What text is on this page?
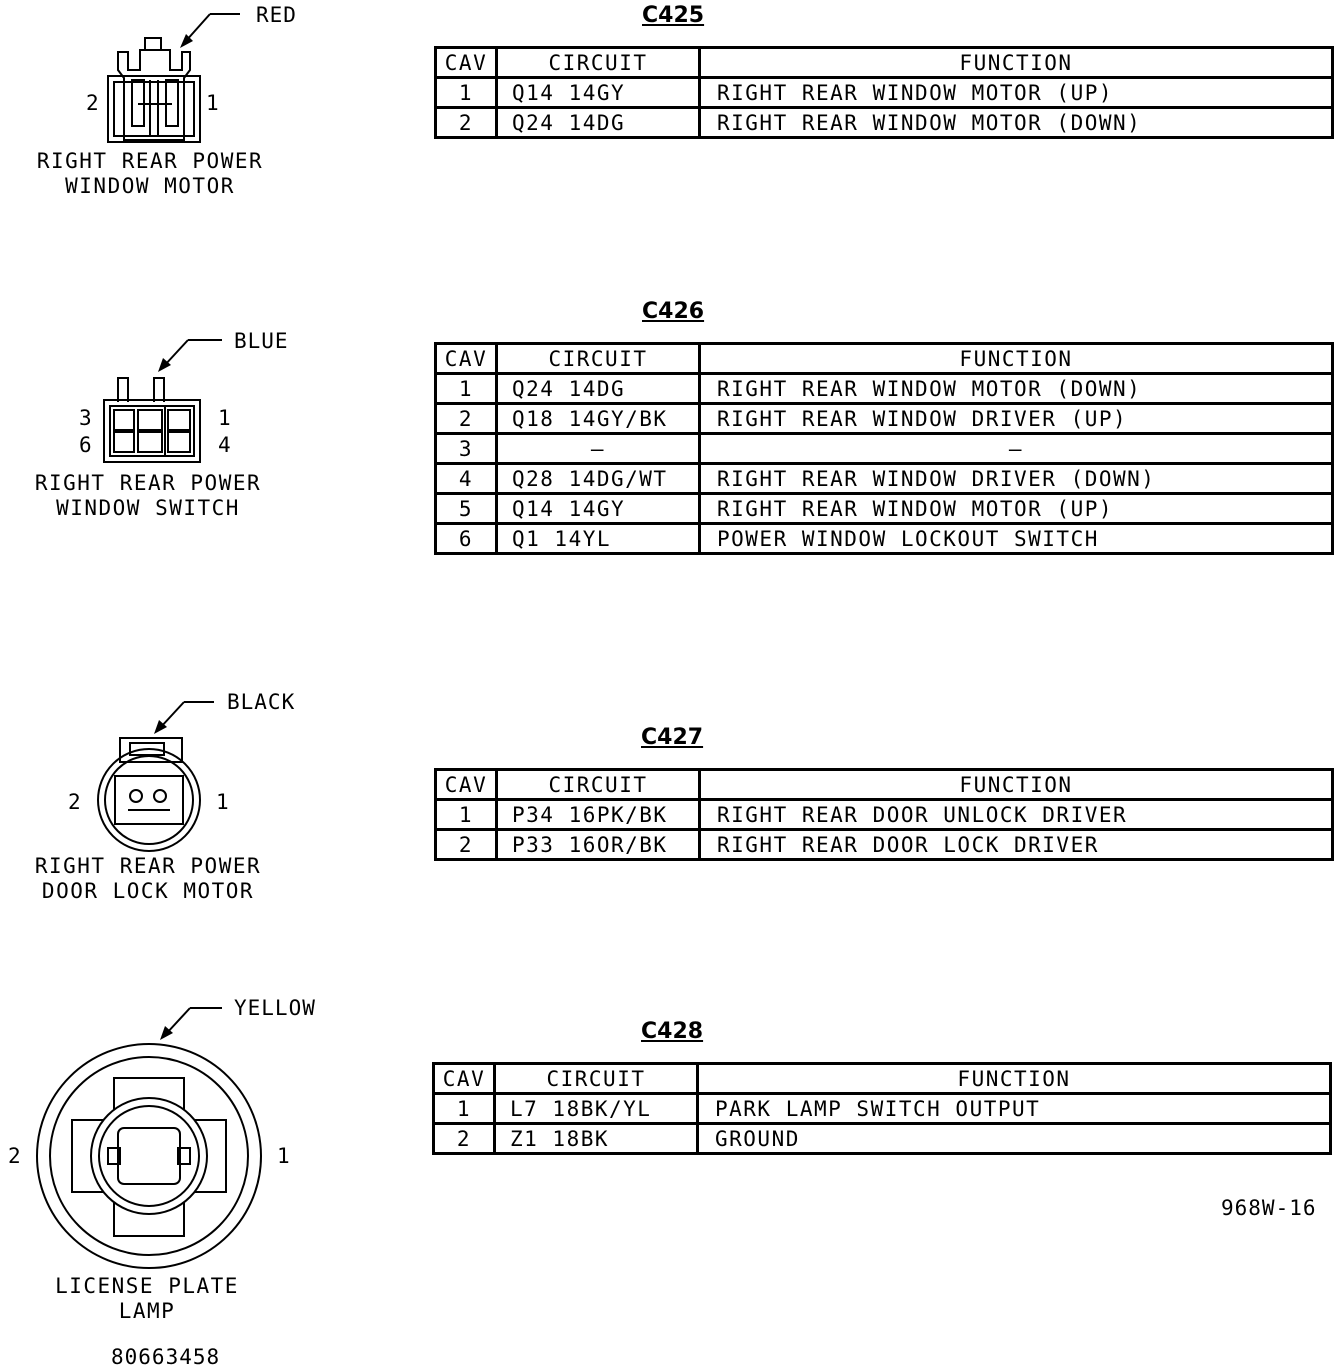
RED
2	1
RIGHT REAR POWER
WINDOW MOTOR
C425
CAV	CIRCUIT	FUNCTION
1	Q14 14GY	RIGHT REAR WINDOW MOTOR (UP)
2	Q24 14DG	RIGHT REAR WINDOW MOTOR (DOWN)
BLUE
3
6
1
4
RIGHT REAR POWER
WINDOW SWITCH
C426
CAV	CIRCUIT	FUNCTION
1	Q24 14DG	RIGHT REAR WINDOW MOTOR (DOWN)
2	Q18 14GY/BK	RIGHT REAR WINDOW DRIVER (UP)
3	–	–
4	Q28 14DG/WT	RIGHT REAR WINDOW DRIVER (DOWN)
5	Q14 14GY	RIGHT REAR WINDOW MOTOR (UP)
6	Q1 14YL	POWER WINDOW LOCKOUT SWITCH
BLACK
2	1
RIGHT REAR POWER
DOOR LOCK MOTOR
C427
CAV	CIRCUIT	FUNCTION
1	P34 16PK/BK	RIGHT REAR DOOR UNLOCK DRIVER
2	P33 16OR/BK	RIGHT REAR DOOR LOCK DRIVER
YELLOW
2	1
LICENSE PLATE
LAMP
C428
CAV	CIRCUIT	FUNCTION
1	L7 18BK/YL	PARK LAMP SWITCH OUTPUT
2	Z1 18BK	GROUND
968W-16
80663458
